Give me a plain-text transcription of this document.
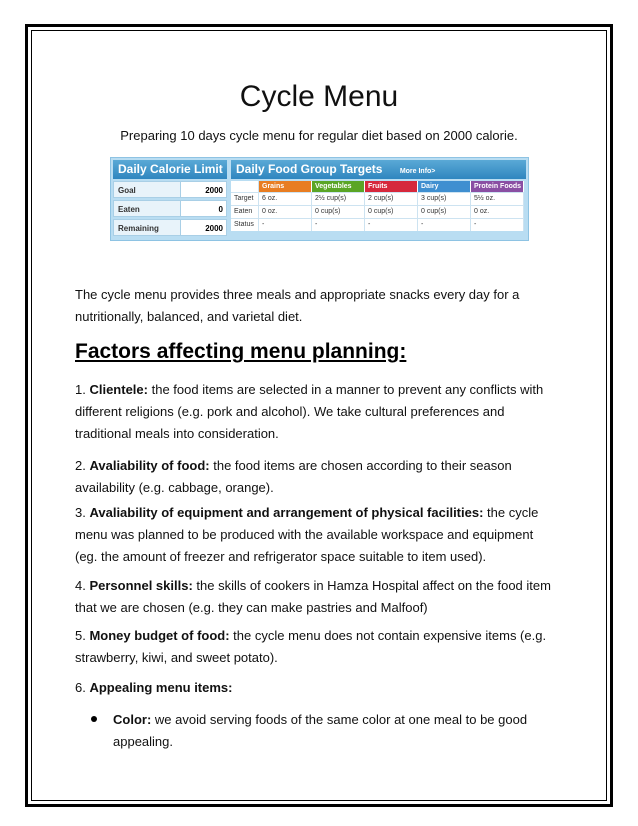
Cycle Menu
Preparing 10 days cycle menu for regular diet based on 2000 calorie.
Daily Calorie Limit
Goal	2000
Eaten	0
Remaining	2000
Daily Food Group Targets More Info>
Grains	Vegetables	Fruits	Dairy	Protein Foods
Target	6 oz.	2½ cup(s)	2 cup(s)	3 cup(s)	5½ oz.
Eaten	0 oz.	0 cup(s)	0 cup(s)	0 cup(s)	0 oz.
Status	-	-	-	-	-
The cycle menu provides three meals and appropriate snacks every day for a
nutritionally, balanced, and varietal diet.
Factors affecting menu planning:
1. Clientele: the food items are selected in a manner to prevent any conflicts with
different religions (e.g. pork and alcohol). We take cultural preferences and
traditional meals into consideration.
2. Avaliability of food: the food items are chosen according to their season
availability (e.g. cabbage, orange).
3. Avaliability of equipment and arrangement of physical facilities: the cycle
menu was planned to be produced with the available workspace and equipment
(eg. the amount of freezer and refrigerator space suitable to item used).
4. Personnel skills: the skills of cookers in Hamza Hospital affect on the food item
that we are chosen (e.g. they can make pastries and Malfoof)
5. Money budget of food: the cycle menu does not contain expensive items (e.g.
strawberry, kiwi, and sweet potato).
6. Appealing menu items:
Color: we avoid serving foods of the same color at one meal to be good
appealing.
